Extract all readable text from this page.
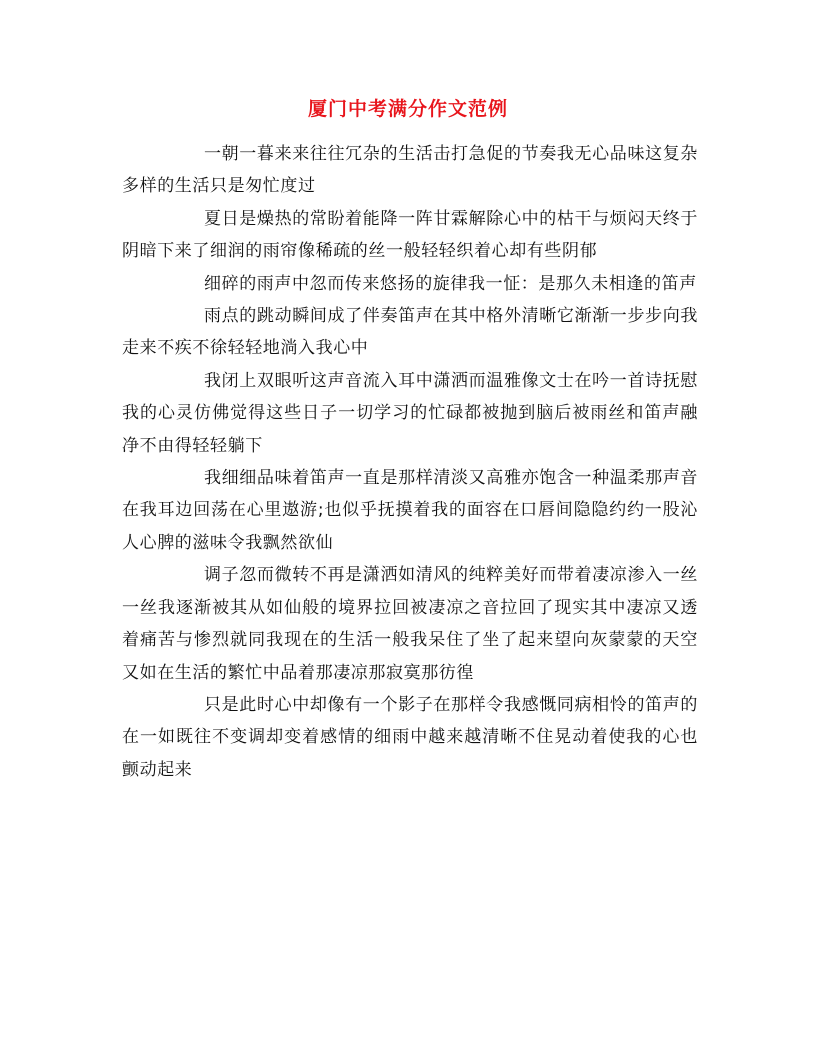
厦门中考满分作文范例

一朝一暮来来往往冗杂的生活击打急促的节奏我无心品味这复杂多样的生活只是匆忙度过

夏日是燥热的常盼着能降一阵甘霖解除心中的枯干与烦闷天终于阴暗下来了细润的雨帘像稀疏的丝一般轻轻织着心却有些阴郁

细碎的雨声中忽而传来悠扬的旋律我一怔：是那久未相逢的笛声

雨点的跳动瞬间成了伴奏笛声在其中格外清晰它渐渐一步步向我走来不疾不徐轻轻地淌入我心中

我闭上双眼听这声音流入耳中潇洒而温雅像文士在吟一首诗抚慰我的心灵仿佛觉得这些日子一切学习的忙碌都被抛到脑后被雨丝和笛声融净不由得轻轻躺下

我细细品味着笛声一直是那样清淡又高雅亦饱含一种温柔那声音在我耳边回荡在心里遨游;也似乎抚摸着我的面容在口唇间隐隐约约一股沁人心脾的滋味令我飘然欲仙

调子忽而微转不再是潇洒如清风的纯粹美好而带着凄凉渗入一丝一丝我逐渐被其从如仙般的境界拉回被凄凉之音拉回了现实其中凄凉又透着痛苦与惨烈就同我现在的生活一般我呆住了坐了起来望向灰蒙蒙的天空又如在生活的繁忙中品着那凄凉那寂寞那彷徨

只是此时心中却像有一个影子在那样令我感慨同病相怜的笛声的在一如既往不变调却变着感情的细雨中越来越清晰不住晃动着使我的心也颤动起来
